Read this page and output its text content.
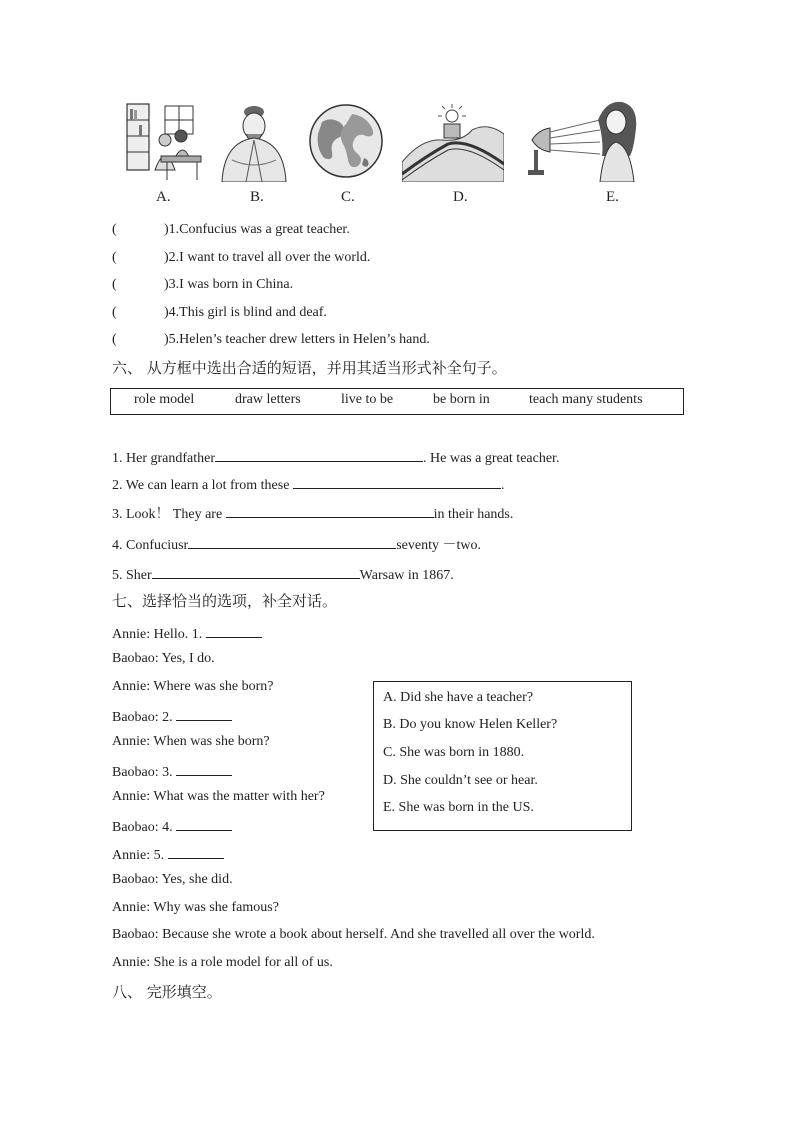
A.	B.	C.	D.	E.
(	)1.Confucius was a great teacher.
(	)2.I want to travel all over the world.
(	)3.I was born in China.
(	)4.This girl is blind and deaf.
(	)5.Helen’s teacher drew letters in Helen’s hand.
六、 从方框中选出合适的短语，并用其适当形式补全句子。
role model	draw letters	live to be	be born in	teach many students
1. Her grandfather	. He was a great teacher.
2. We can learn a lot from these	.
3. Look！ They are	in their hands.
4. Confuciusr	seventy －two.
5. Sher	Warsaw in 1867.
七、选择恰当的选项，补全对话。
Annie: Hello. 1.
Baobao: Yes, I do.
Annie: Where was she born?
Baobao: 2.
Annie: When was she born?
Baobao: 3.
Annie: What was the matter with her?
Baobao: 4.
Annie: 5.
Baobao: Yes, she did.
Annie: Why was she famous?
Baobao: Because she wrote a book about herself. And she travelled all over the world.
Annie: She is a role model for all of us.
A. Did she have a teacher?
B. Do you know Helen Keller?
C. She was born in 1880.
D. She couldn’t see or hear.
E. She was born in the US.
八、 完形填空。
